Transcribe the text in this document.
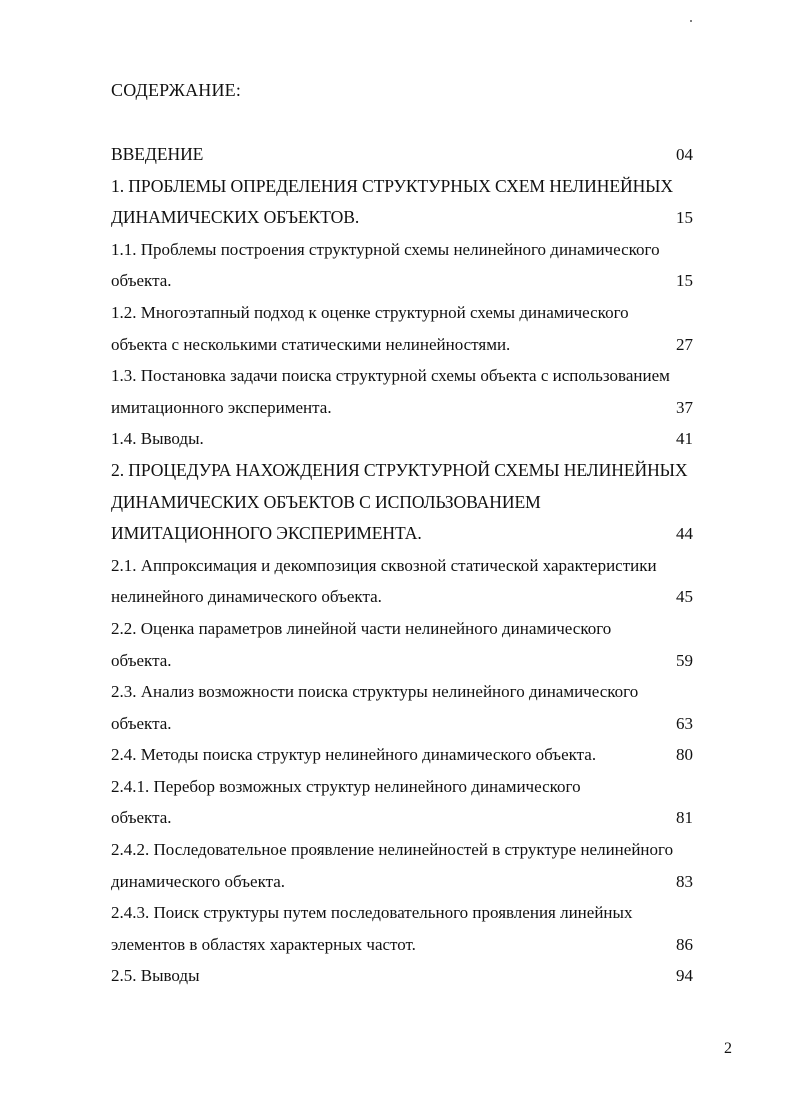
СОДЕРЖАНИЕ:
ВВЕДЕНИЕ	04
1. ПРОБЛЕМЫ ОПРЕДЕЛЕНИЯ СТРУКТУРНЫХ СХЕМ НЕЛИНЕЙНЫХ
ДИНАМИЧЕСКИХ ОБЪЕКТОВ.	15
1.1. Проблемы построения структурной схемы нелинейного динамического
объекта.	15
1.2. Многоэтапный подход к оценке структурной схемы динамического
объекта с несколькими статическими нелинейностями.	27
1.3. Постановка задачи поиска структурной схемы объекта с использованием
имитационного эксперимента.	37
1.4. Выводы.	41
2. ПРОЦЕДУРА НАХОЖДЕНИЯ СТРУКТУРНОЙ СХЕМЫ НЕЛИНЕЙНЫХ
ДИНАМИЧЕСКИХ ОБЪЕКТОВ С ИСПОЛЬЗОВАНИЕМ
ИМИТАЦИОННОГО ЭКСПЕРИМЕНТА.	44
2.1. Аппроксимация и декомпозиция сквозной статической характеристики
нелинейного динамического объекта.	45
2.2. Оценка параметров линейной части нелинейного динамического
объекта.	59
2.3. Анализ возможности поиска структуры нелинейного динамического
объекта.	63
2.4. Методы поиска структур нелинейного динамического объекта.	80
2.4.1. Перебор возможных структур нелинейного динамического
объекта.	81
2.4.2. Последовательное проявление нелинейностей в структуре нелинейного
динамического объекта.	83
2.4.3. Поиск структуры путем последовательного проявления линейных
элементов в областях характерных частот.	86
2.5. Выводы	94
2
